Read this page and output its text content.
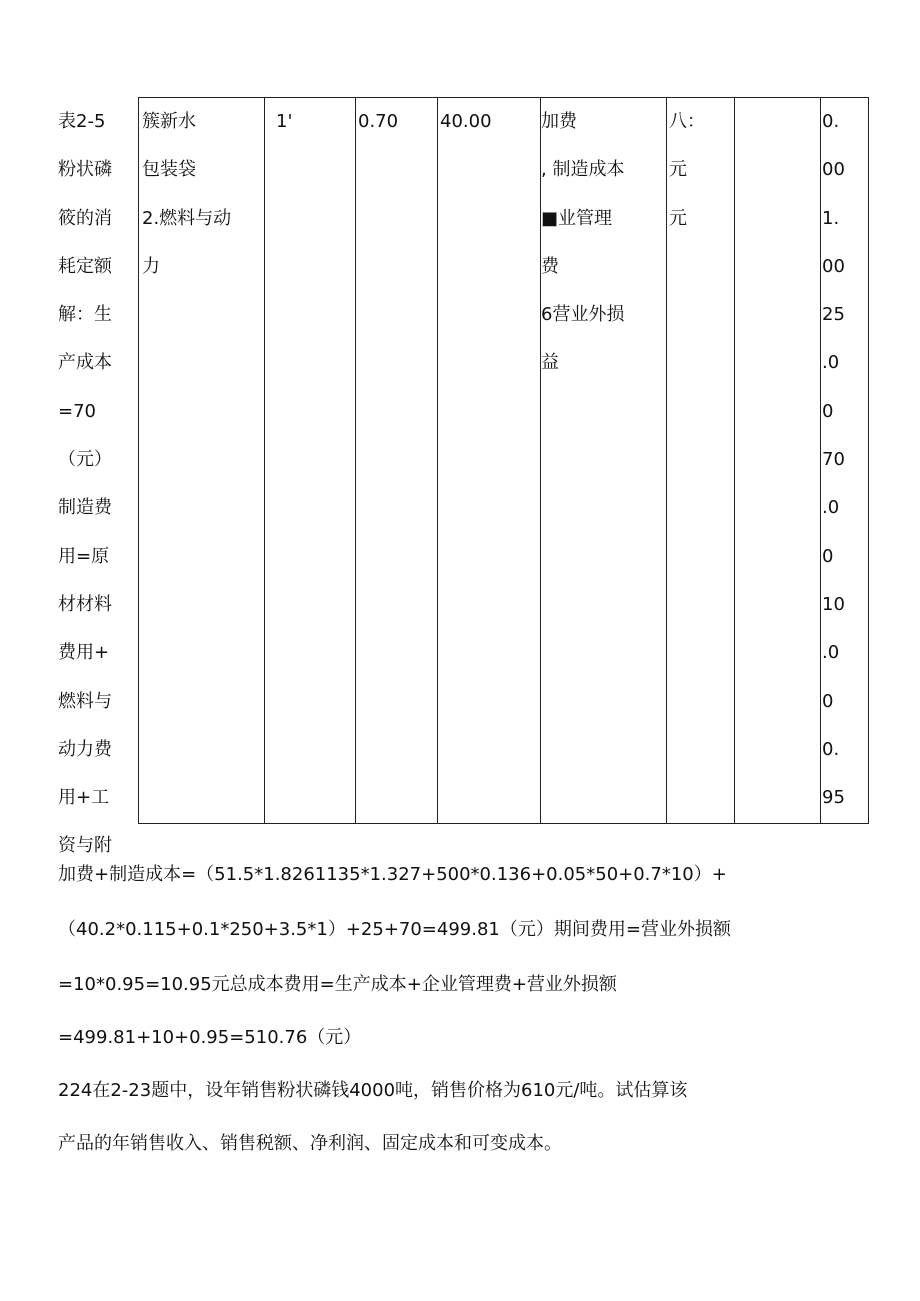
表2-5
粉状磷
筱的消
耗定额
解：生
产成本
=70
（元）
制造费
用=原
材材料
费用+
燃料与
动力费
用+工
资与附
簇新水
包装袋
2.燃料与动
力
1'	0.70 40.00	加费
, 制造成本
■业管理
费
6营业外损
益
八：
元
元
0.
00
1.
00
25
.0
0
70
.0
0
10
.0
0
0.
95
加费+制造成本=（51.5*1.8261135*1.327+500*0.136+0.05*50+0.7*10）+
（40.2*0.115+0.1*250+3.5*1）+25+70=499.81（元）期间费用=营业外损额
=10*0.95=10.95元总成本费用=生产成本+企业管理费+营业外损额
=499.81+10+0.95=510.76（元）
224在2-23题中，设年销售粉状磷钱4000吨，销售价格为610元/吨。试估算该
产品的年销售收入、销售税额、净利润、固定成本和可变成本。
